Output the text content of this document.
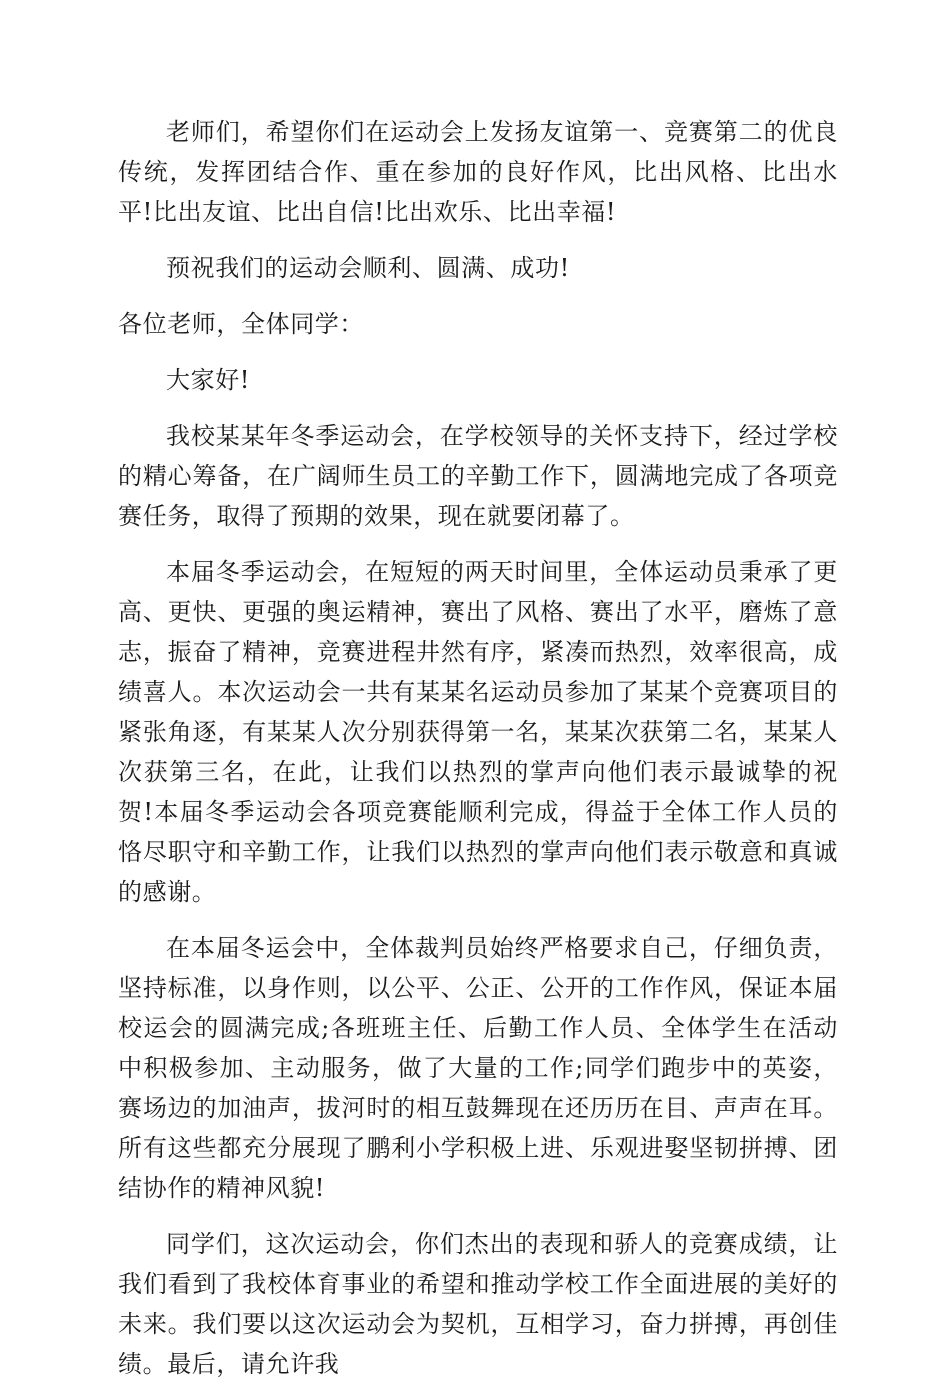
老师们，希望你们在运动会上发扬友谊第一、竞赛第二的优良传统，发挥团结合作、重在参加的良好作风，比出风格、比出水平!比出友谊、比出自信!比出欢乐、比出幸福!

预祝我们的运动会顺利、圆满、成功!

各位老师，全体同学：

大家好!

我校某某年冬季运动会，在学校领导的关怀支持下，经过学校的精心筹备，在广阔师生员工的辛勤工作下，圆满地完成了各项竞赛任务，取得了预期的效果，现在就要闭幕了。

本届冬季运动会，在短短的两天时间里，全体运动员秉承了更高、更快、更强的奥运精神，赛出了风格、赛出了水平，磨炼了意志，振奋了精神，竞赛进程井然有序，紧凑而热烈，效率很高，成绩喜人。本次运动会一共有某某名运动员参加了某某个竞赛项目的紧张角逐，有某某人次分别获得第一名，某某次获第二名，某某人次获第三名，在此，让我们以热烈的掌声向他们表示最诚挚的祝贺!本届冬季运动会各项竞赛能顺利完成，得益于全体工作人员的恪尽职守和辛勤工作，让我们以热烈的掌声向他们表示敬意和真诚的感谢。

在本届冬运会中，全体裁判员始终严格要求自己，仔细负责，坚持标准，以身作则，以公平、公正、公开的工作作风，保证本届校运会的圆满完成;各班班主任、后勤工作人员、全体学生在活动中积极参加、主动服务，做了大量的工作;同学们跑步中的英姿，赛场边的加油声，拔河时的相互鼓舞现在还历历在目、声声在耳。所有这些都充分展现了鹏利小学积极上进、乐观进娶坚韧拼搏、团结协作的精神风貌!

同学们，这次运动会，你们杰出的表现和骄人的竞赛成绩，让我们看到了我校体育事业的希望和推动学校工作全面进展的美好的未来。我们要以这次运动会为契机，互相学习，奋力拼搏，再创佳绩。最后，请允许我
